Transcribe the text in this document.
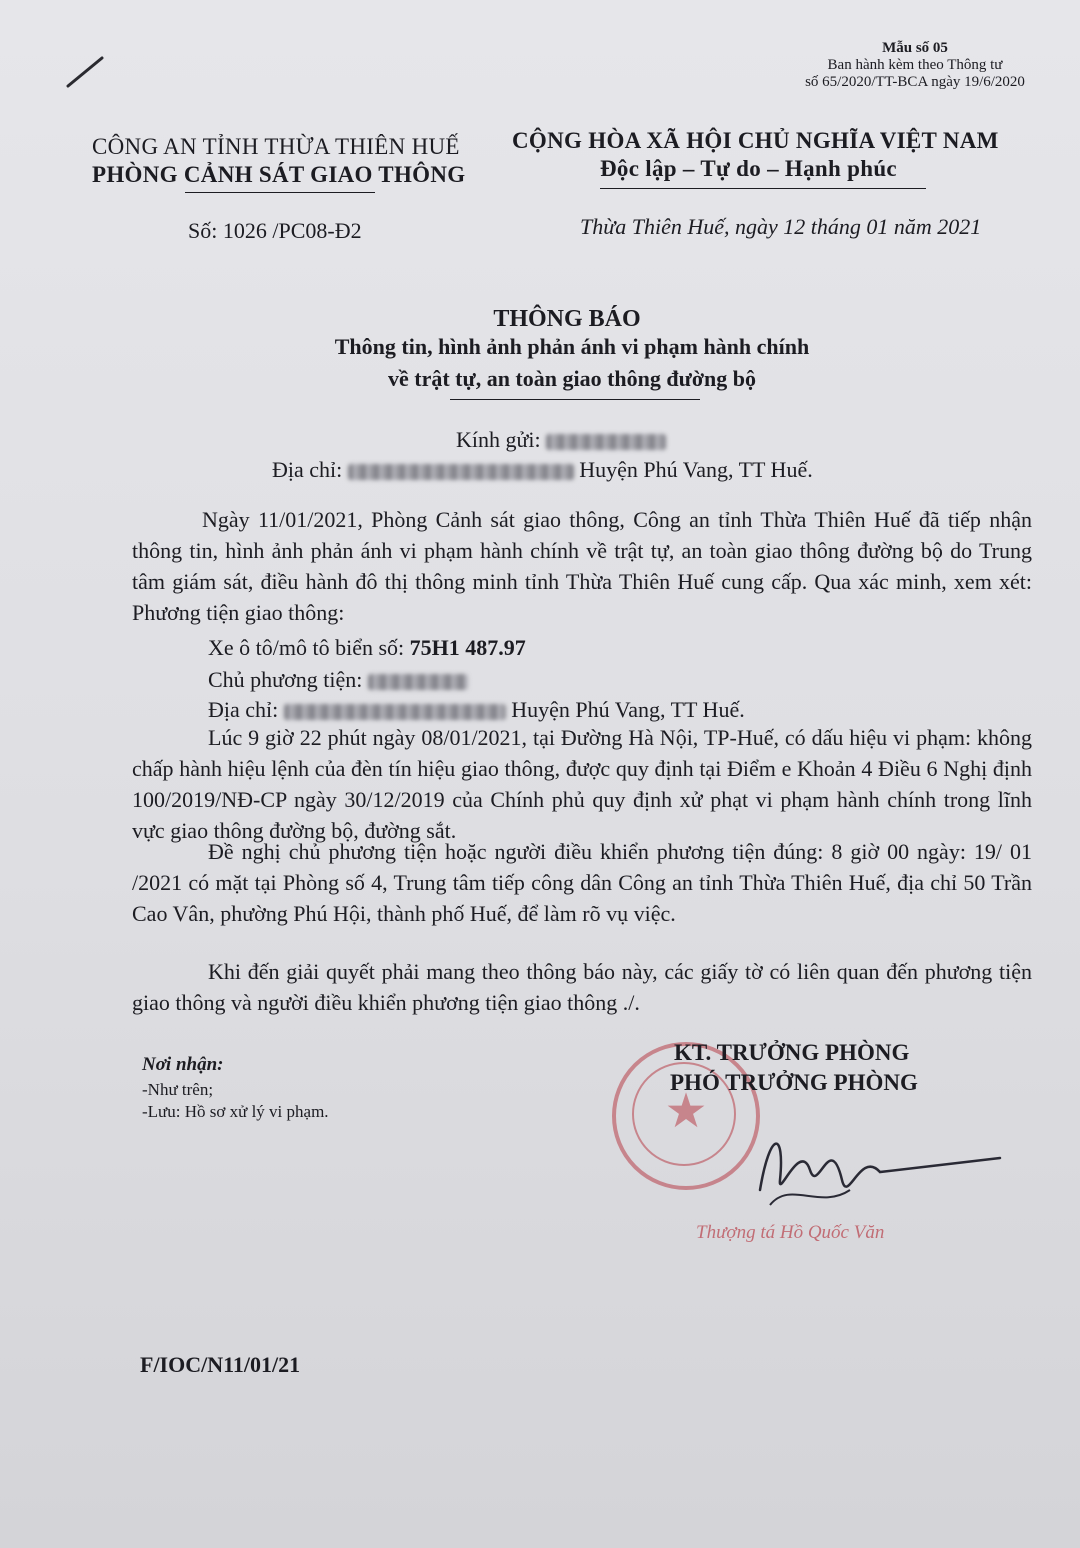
Mẫu số 05
Ban hành kèm theo Thông tư
số 65/2020/TT-BCA ngày 19/6/2020
CÔNG AN TỈNH THỪA THIÊN HUẾ
PHÒNG CẢNH SÁT GIAO THÔNG
Số: 1026 /PC08-Đ2
CỘNG HÒA XÃ HỘI CHỦ NGHĨA VIỆT NAM
Độc lập – Tự do – Hạnh phúc
Thừa Thiên Huế, ngày 12 tháng 01 năm 2021
THÔNG BÁO
Thông tin, hình ảnh phản ánh vi phạm hành chính
về trật tự, an toàn giao thông đường bộ
Kính gửi:
Địa chỉ:	Huyện Phú Vang, TT Huế.
Ngày 11/01/2021, Phòng Cảnh sát giao thông, Công an tỉnh Thừa Thiên Huế đã tiếp nhận thông tin, hình ảnh phản ánh vi phạm hành chính về trật tự, an toàn giao thông đường bộ do Trung tâm giám sát, điều hành đô thị thông minh tỉnh Thừa Thiên Huế cung cấp. Qua xác minh, xem xét: Phương tiện giao thông:
Xe ô tô/mô tô biển số: 75H1 487.97
Chủ phương tiện:
Địa chỉ:	Huyện Phú Vang, TT Huế.
Lúc 9 giờ 22 phút ngày 08/01/2021, tại Đường Hà Nội, TP-Huế, có dấu hiệu vi phạm: không chấp hành hiệu lệnh của đèn tín hiệu giao thông, được quy định tại Điểm e Khoản 4 Điều 6 Nghị định 100/2019/NĐ-CP ngày 30/12/2019 của Chính phủ quy định xử phạt vi phạm hành chính trong lĩnh vực giao thông đường bộ, đường sắt.
Đề nghị chủ phương tiện hoặc người điều khiển phương tiện đúng: 8 giờ 00 ngày: 19/ 01 /2021 có mặt tại Phòng số 4, Trung tâm tiếp công dân Công an tỉnh Thừa Thiên Huế, địa chỉ 50 Trần Cao Vân, phường Phú Hội, thành phố Huế, để làm rõ vụ việc.
Khi đến giải quyết phải mang theo thông báo này, các giấy tờ có liên quan đến phương tiện giao thông và người điều khiển phương tiện giao thông ./.
Nơi nhận:
-Như trên;
-Lưu: Hồ sơ xử lý vi phạm.	★
KT. TRƯỞNG PHÒNG
PHÓ TRƯỞNG PHÒNG
Thượng tá Hồ Quốc Văn
F/IOC/N11/01/21
